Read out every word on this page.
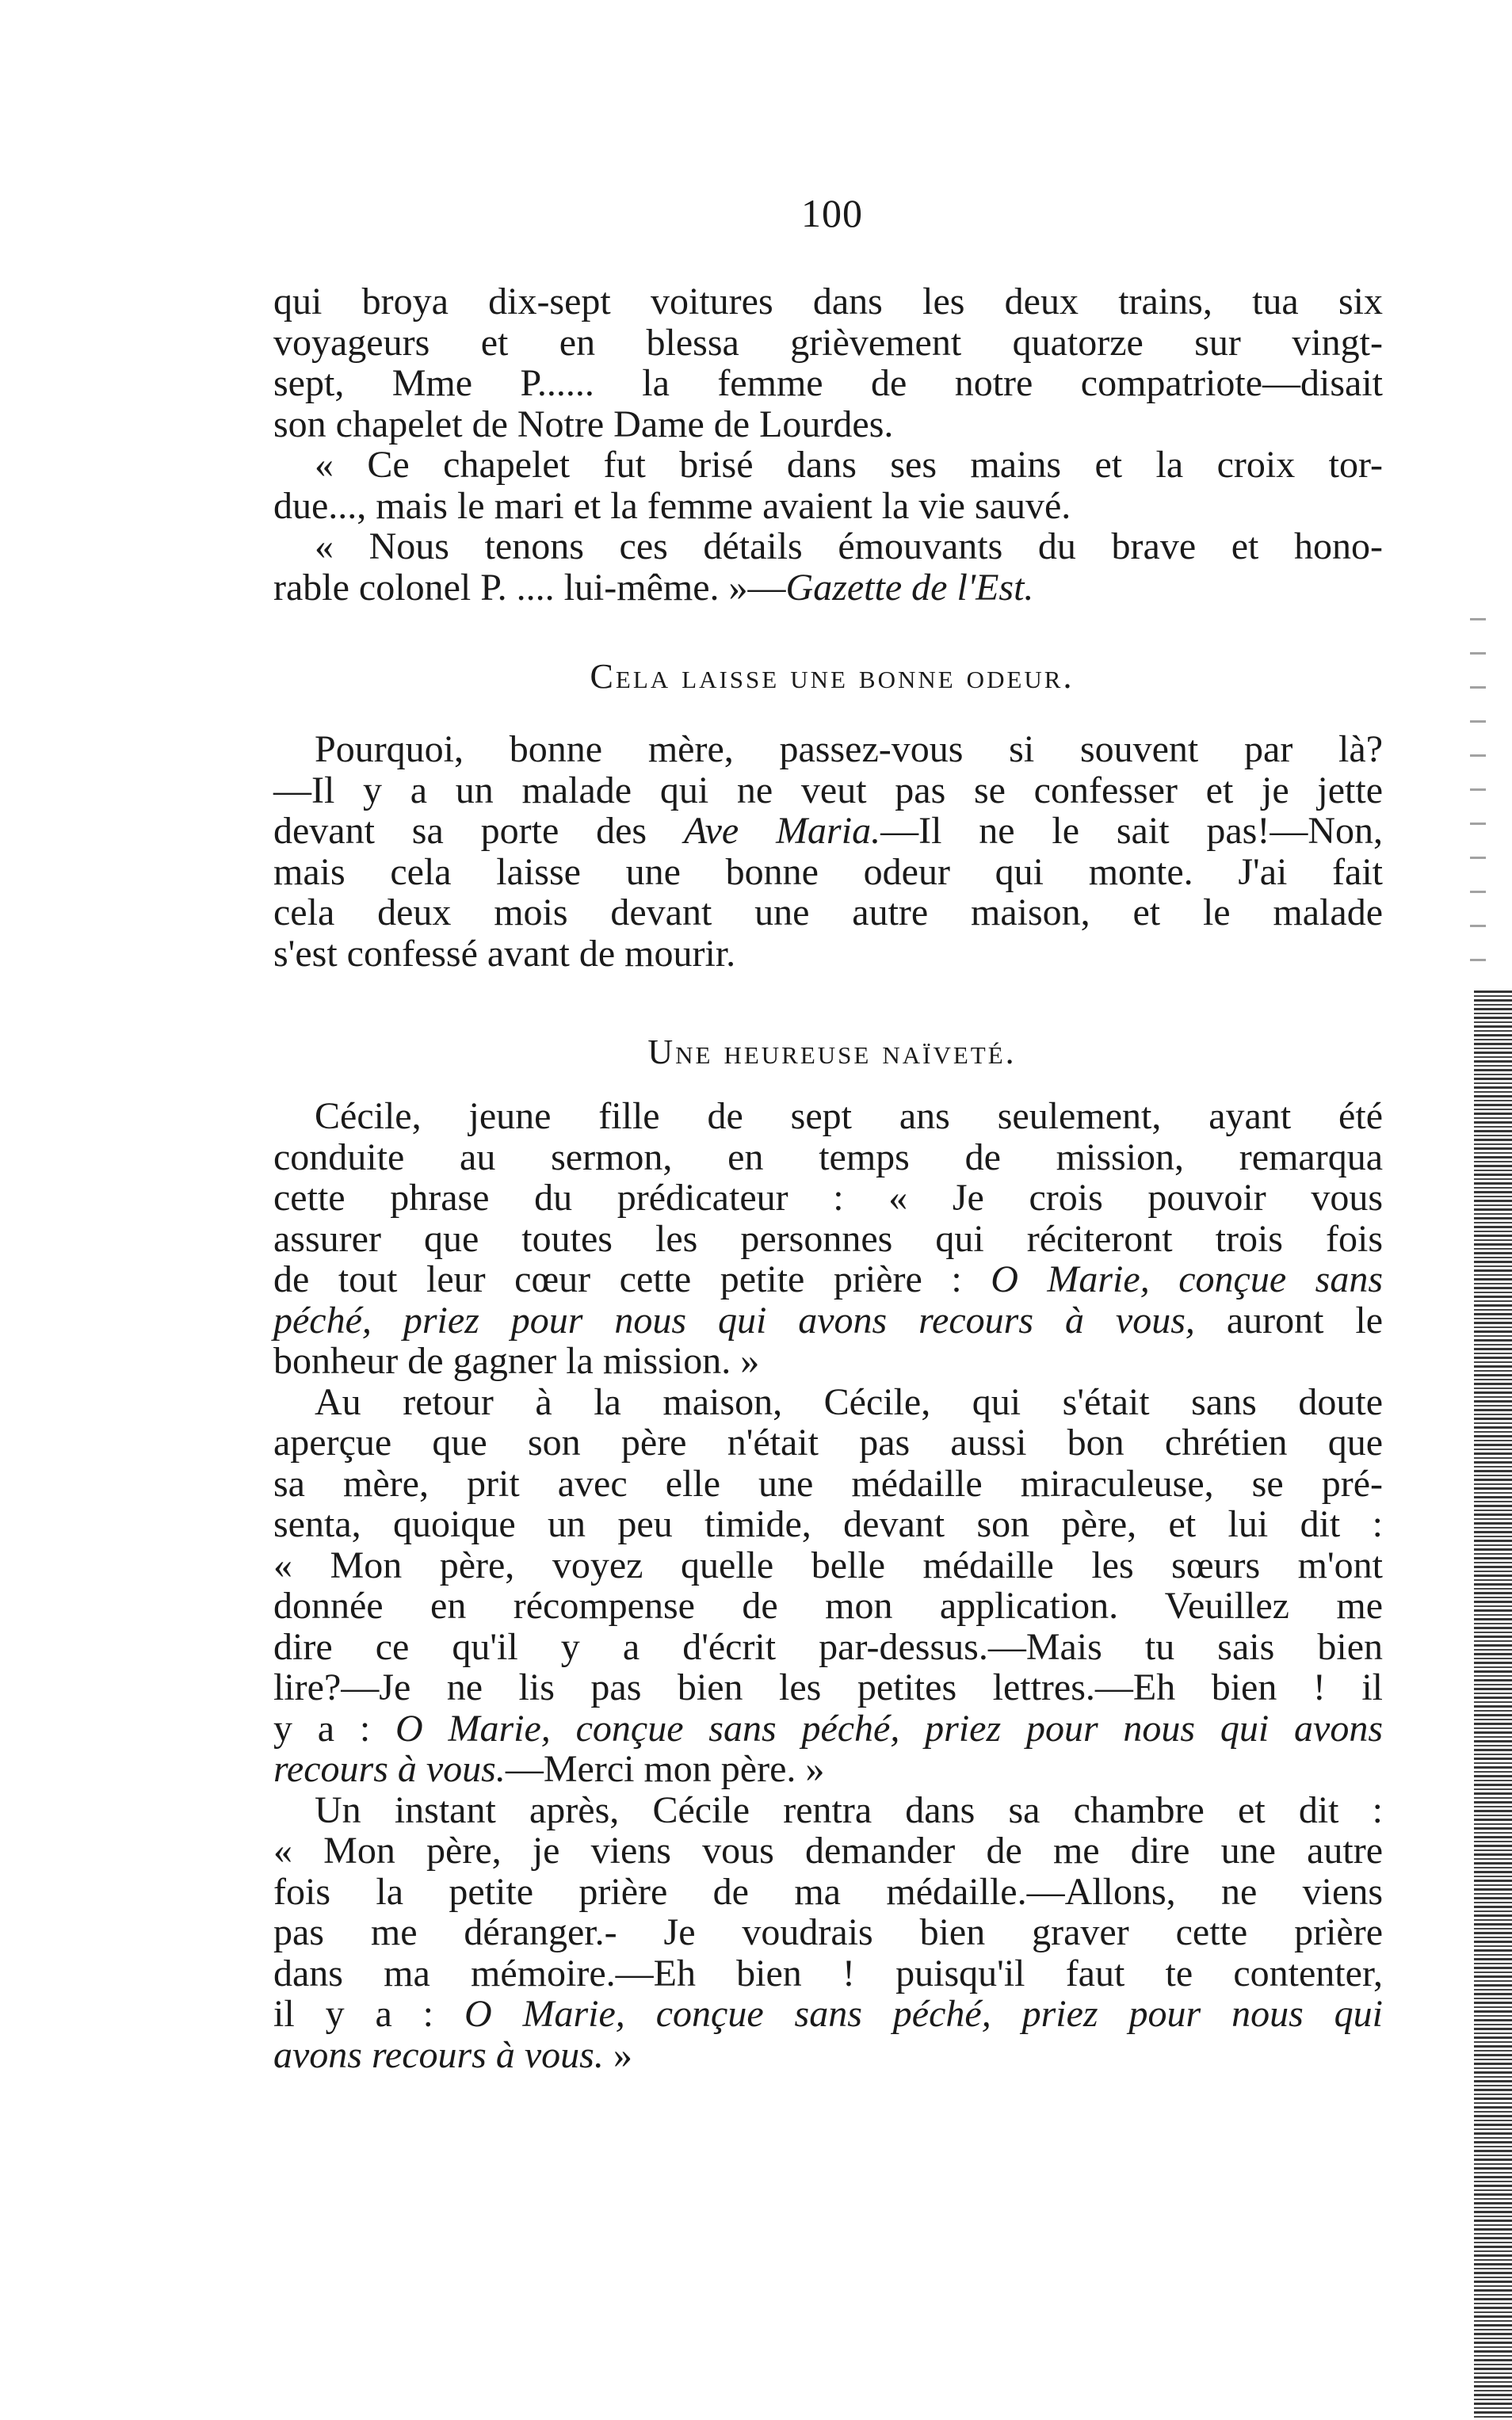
100
qui broya dix-sept voitures dans les deux trains, tua six
voyageurs et en blessa grièvement quatorze sur vingt-
sept, Mme P...... la femme de notre compatriote—disait
son chapelet de Notre Dame de Lourdes.
« Ce chapelet fut brisé dans ses mains et la croix tor-
due..., mais le mari et la femme avaient la vie sauvé.
« Nous tenons ces détails émouvants du brave et hono-
rable colonel P. .... lui-même. »—Gazette de l'Est.
Cela laisse une bonne odeur.
Pourquoi, bonne mère, passez-vous si souvent par là?
—Il y a un malade qui ne veut pas se confesser et je jette
devant sa porte des Ave Maria.—Il ne le sait pas!—Non,
mais cela laisse une bonne odeur qui monte. J'ai fait
cela deux mois devant une autre maison, et le malade
s'est confessé avant de mourir.
Une heureuse naïveté.
Cécile, jeune fille de sept ans seulement, ayant été
conduite au sermon, en temps de mission, remarqua
cette phrase du prédicateur : « Je crois pouvoir vous
assurer que toutes les personnes qui réciteront trois fois
de tout leur cœur cette petite prière : O Marie, conçue sans
péché, priez pour nous qui avons recours à vous, auront le
bonheur de gagner la mission. »
Au retour à la maison, Cécile, qui s'était sans doute
aperçue que son père n'était pas aussi bon chrétien que
sa mère, prit avec elle une médaille miraculeuse, se pré-
senta, quoique un peu timide, devant son père, et lui dit :
« Mon père, voyez quelle belle médaille les sœurs m'ont
donnée en récompense de mon application. Veuillez me
dire ce qu'il y a d'écrit par-dessus.—Mais tu sais bien
lire?—Je ne lis pas bien les petites lettres.—Eh bien ! il
y a : O Marie, conçue sans péché, priez pour nous qui avons
recours à vous.—Merci mon père. »
Un instant après, Cécile rentra dans sa chambre et dit :
« Mon père, je viens vous demander de me dire une autre
fois la petite prière de ma médaille.—Allons, ne viens
pas me déranger.- Je voudrais bien graver cette prière
dans ma mémoire.—Eh bien ! puisqu'il faut te contenter,
il y a : O Marie, conçue sans péché, priez pour nous qui
avons recours à vous. »
